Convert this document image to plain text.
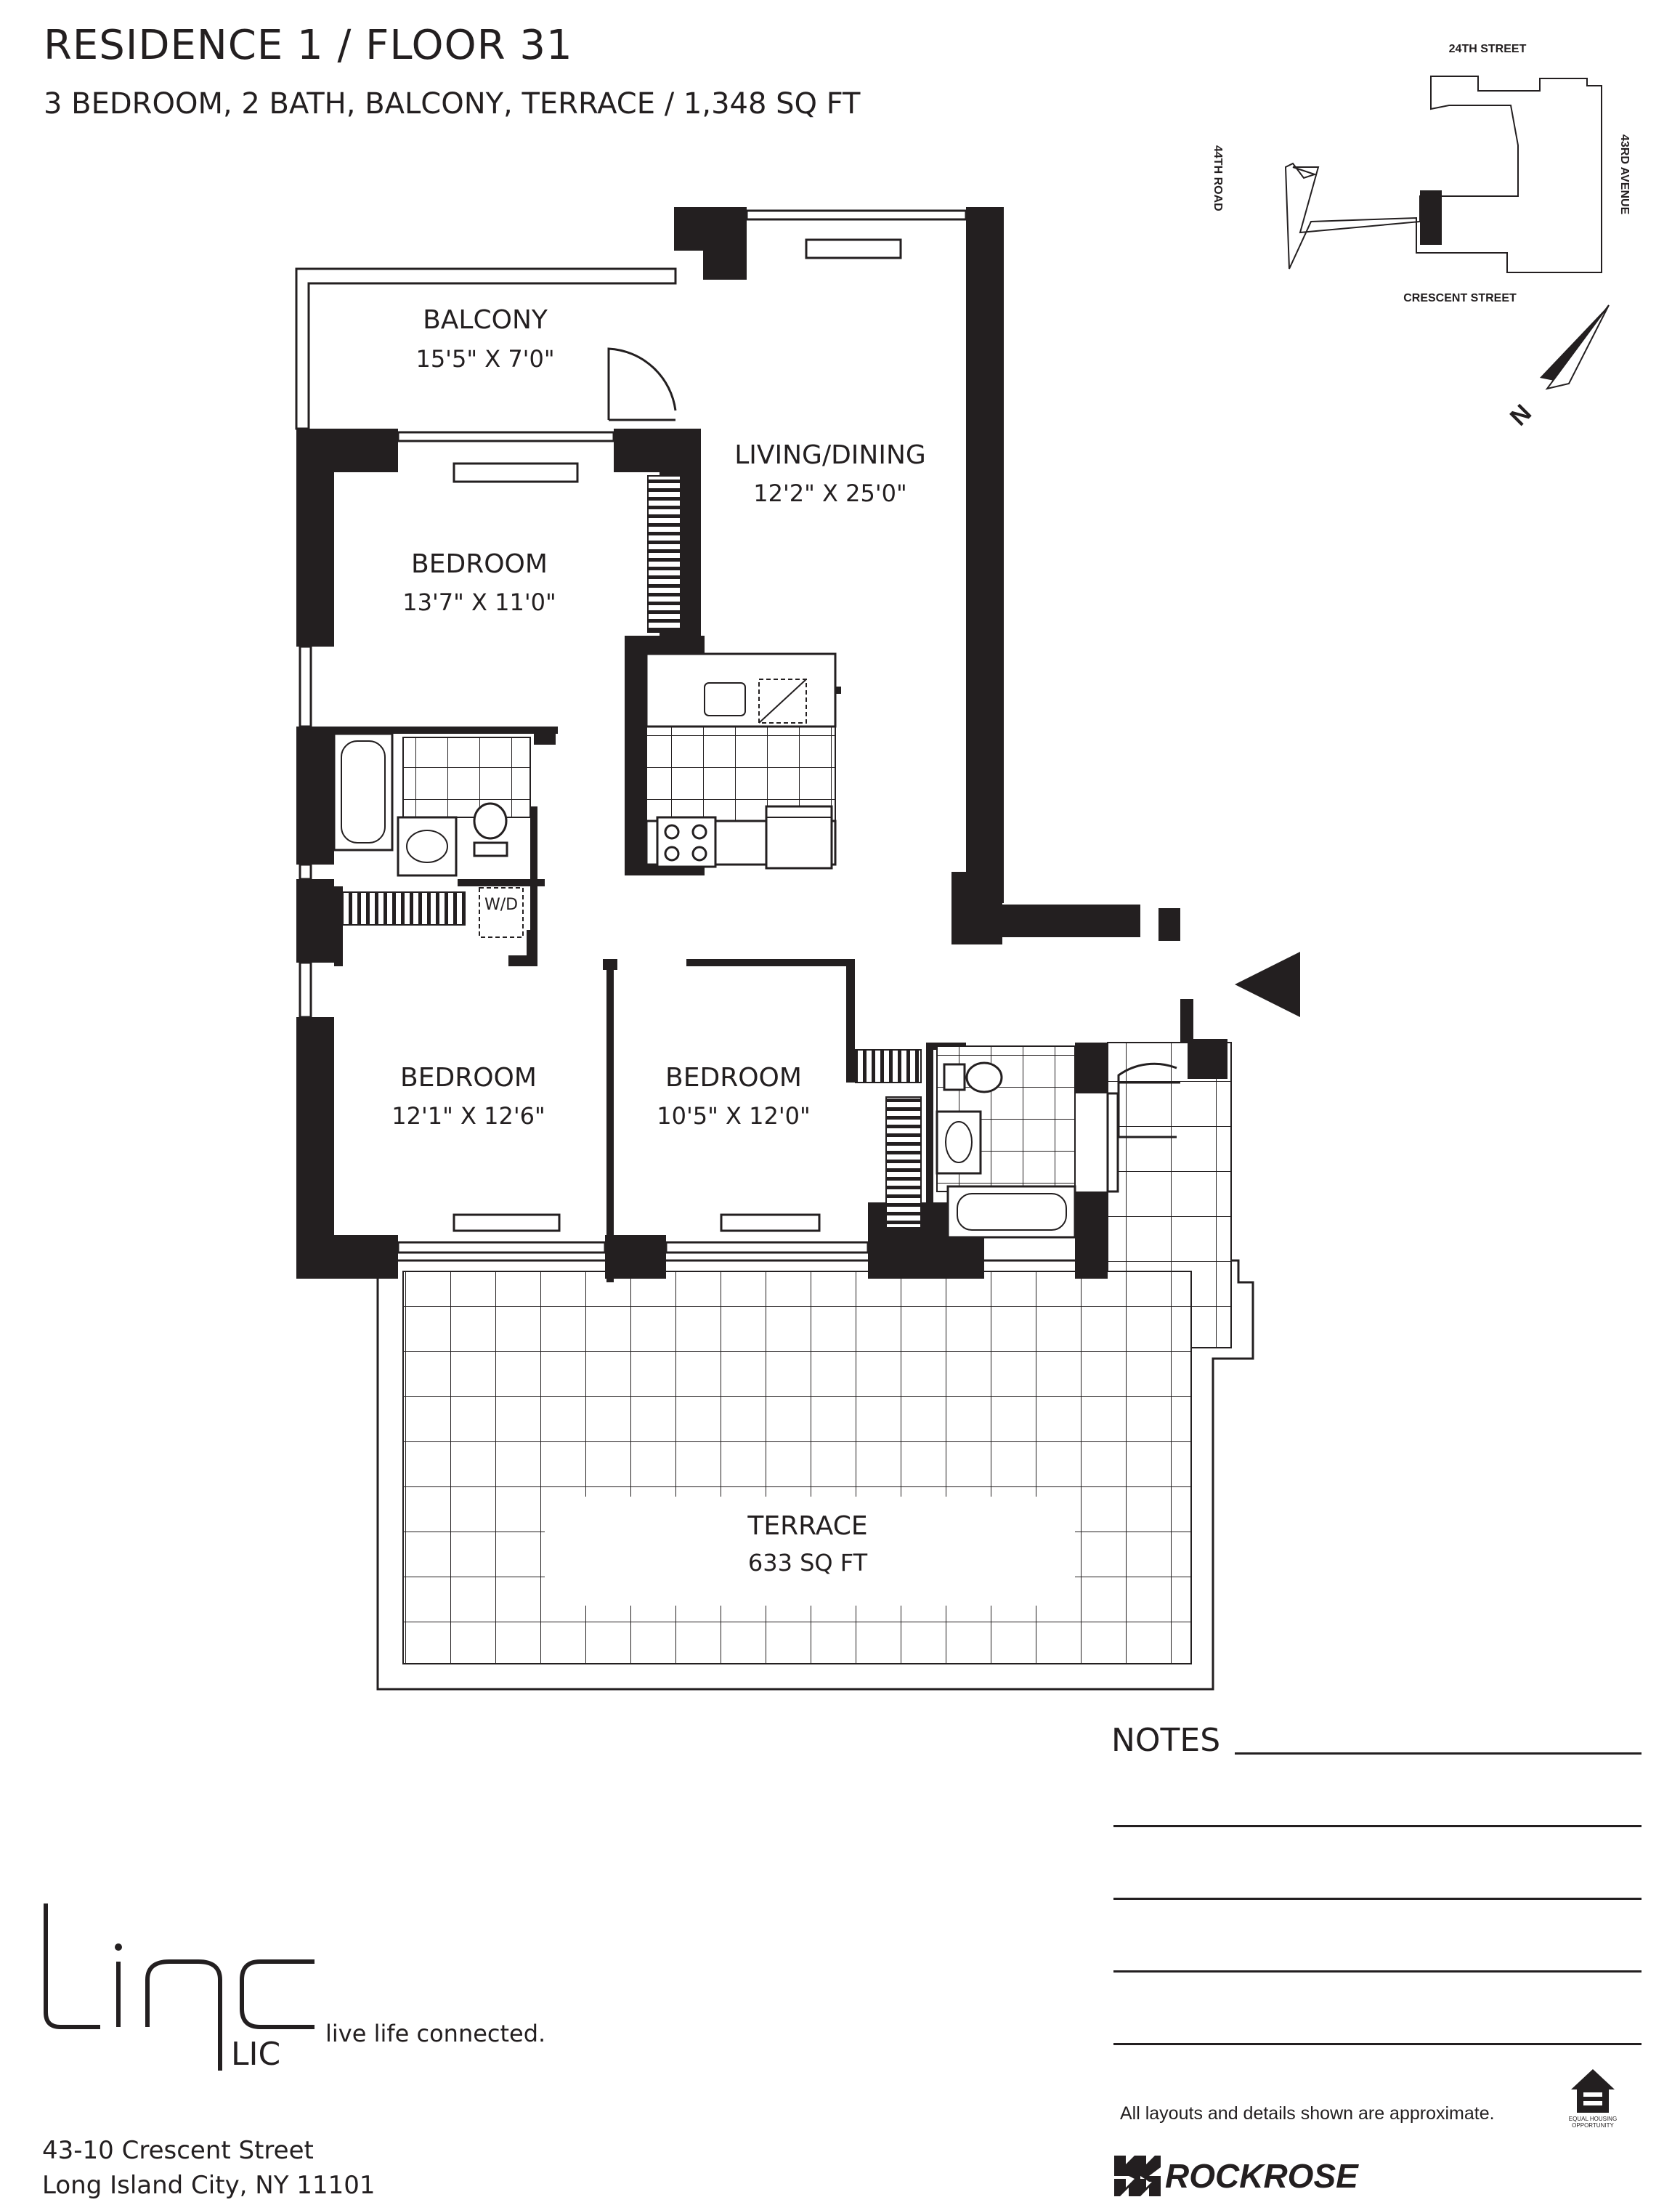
RESIDENCE 1 / FLOOR 31
3 BEDROOM, 2 BATH, BALCONY, TERRACE / 1,348 SQ FT
W/D
BALCONY
15'5" X 7'0"
LIVING/DINING
12'2" X 25'0"
BEDROOM
13'7" X 11'0"
BEDROOM
12'1" X 12'6"
BEDROOM
10'5" X 12'0"
TERRACE
633 SQ FT
24TH STREET
CRESCENT STREET
44TH ROAD	43RD AVENUE
N
NOTES
LIC
live life connected.
43-10 Crescent Street
Long Island City, NY 11101
All layouts and details shown are approximate.	EQUAL HOUSING OPPORTUNITY
ROCKROSE
